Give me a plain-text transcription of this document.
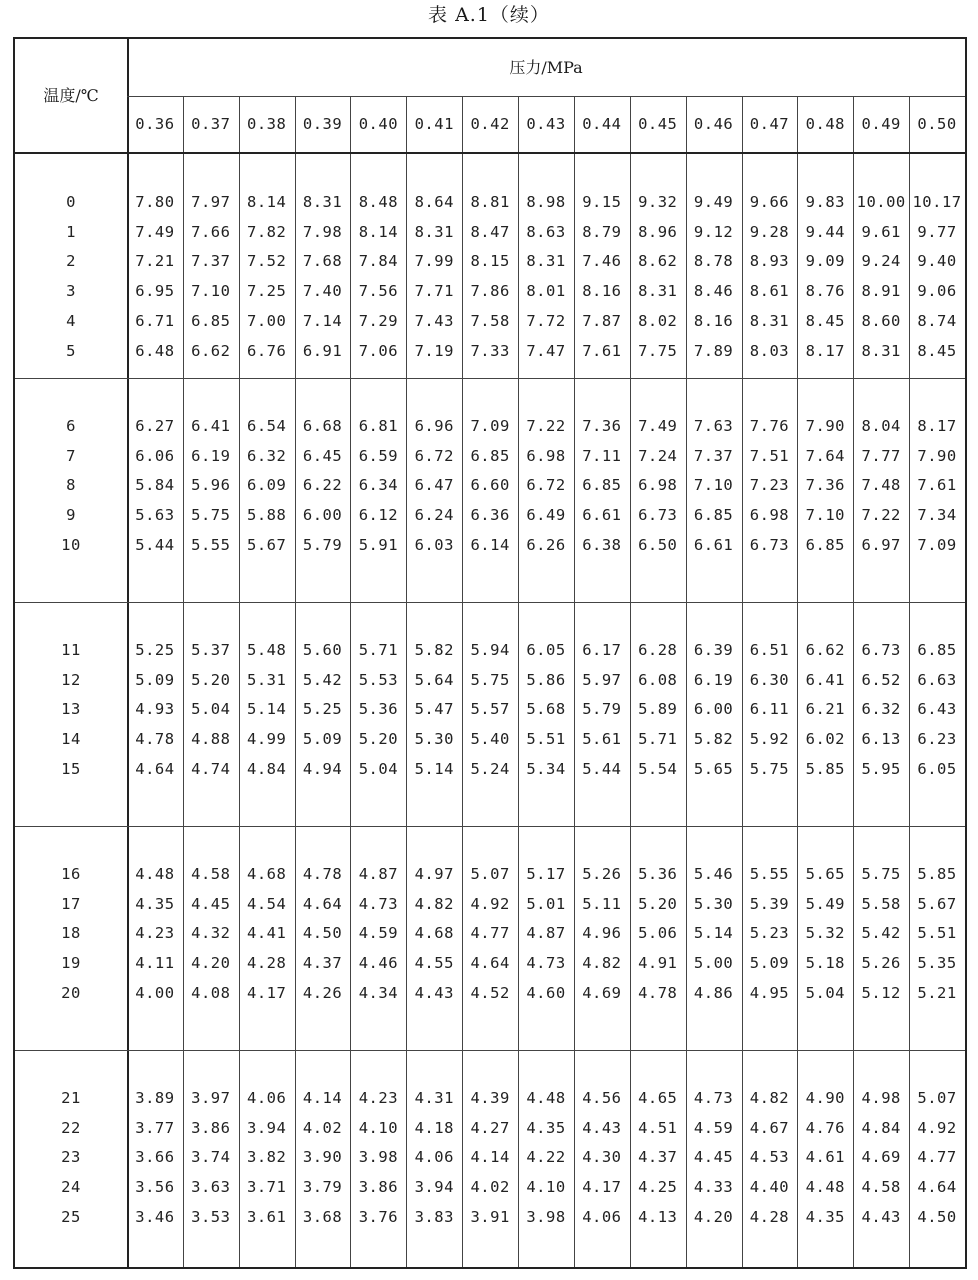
表 A.1（续）
温度/℃
压力/MPa
0.36	0.37	0.38	0.39	0.40	0.41	0.42	0.43	0.44	0.45	0.46	0.47	0.48	0.49	0.50
0	7.80	7.97	8.14	8.31	8.48	8.64	8.81	8.98	9.15	9.32	9.49	9.66	9.83 10.00 10.17
1	7.49	7.66	7.82	7.98	8.14	8.31	8.47	8.63	8.79	8.96	9.12	9.28	9.44	9.61	9.77
2	7.21	7.37	7.52	7.68	7.84	7.99	8.15	8.31	7.46	8.62	8.78	8.93	9.09	9.24	9.40
3	6.95	7.10	7.25	7.40	7.56	7.71	7.86	8.01	8.16	8.31	8.46	8.61	8.76	8.91	9.06
4	6.71	6.85	7.00	7.14	7.29	7.43	7.58	7.72	7.87	8.02	8.16	8.31	8.45	8.60	8.74
5	6.48	6.62	6.76	6.91	7.06	7.19	7.33	7.47	7.61	7.75	7.89	8.03	8.17	8.31	8.45
6	6.27	6.41	6.54	6.68	6.81	6.96	7.09	7.22	7.36	7.49	7.63	7.76	7.90	8.04	8.17
7	6.06	6.19	6.32	6.45	6.59	6.72	6.85	6.98	7.11	7.24	7.37	7.51	7.64	7.77	7.90
8	5.84	5.96	6.09	6.22	6.34	6.47	6.60	6.72	6.85	6.98	7.10	7.23	7.36	7.48	7.61
9	5.63	5.75	5.88	6.00	6.12	6.24	6.36	6.49	6.61	6.73	6.85	6.98	7.10	7.22	7.34
10	5.44	5.55	5.67	5.79	5.91	6.03	6.14	6.26	6.38	6.50	6.61	6.73	6.85	6.97	7.09
11	5.25	5.37	5.48	5.60	5.71	5.82	5.94	6.05	6.17	6.28	6.39	6.51	6.62	6.73	6.85
12	5.09	5.20	5.31	5.42	5.53	5.64	5.75	5.86	5.97	6.08	6.19	6.30	6.41	6.52	6.63
13	4.93	5.04	5.14	5.25	5.36	5.47	5.57	5.68	5.79	5.89	6.00	6.11	6.21	6.32	6.43
14	4.78	4.88	4.99	5.09	5.20	5.30	5.40	5.51	5.61	5.71	5.82	5.92	6.02	6.13	6.23
15	4.64	4.74	4.84	4.94	5.04	5.14	5.24	5.34	5.44	5.54	5.65	5.75	5.85	5.95	6.05
16	4.48	4.58	4.68	4.78	4.87	4.97	5.07	5.17	5.26	5.36	5.46	5.55	5.65	5.75	5.85
17	4.35	4.45	4.54	4.64	4.73	4.82	4.92	5.01	5.11	5.20	5.30	5.39	5.49	5.58	5.67
18	4.23	4.32	4.41	4.50	4.59	4.68	4.77	4.87	4.96	5.06	5.14	5.23	5.32	5.42	5.51
19	4.11	4.20	4.28	4.37	4.46	4.55	4.64	4.73	4.82	4.91	5.00	5.09	5.18	5.26	5.35
20	4.00	4.08	4.17	4.26	4.34	4.43	4.52	4.60	4.69	4.78	4.86	4.95	5.04	5.12	5.21
21	3.89	3.97	4.06	4.14	4.23	4.31	4.39	4.48	4.56	4.65	4.73	4.82	4.90	4.98	5.07
22	3.77	3.86	3.94	4.02	4.10	4.18	4.27	4.35	4.43	4.51	4.59	4.67	4.76	4.84	4.92
23	3.66	3.74	3.82	3.90	3.98	4.06	4.14	4.22	4.30	4.37	4.45	4.53	4.61	4.69	4.77
24	3.56	3.63	3.71	3.79	3.86	3.94	4.02	4.10	4.17	4.25	4.33	4.40	4.48	4.58	4.64
25	3.46	3.53	3.61	3.68	3.76	3.83	3.91	3.98	4.06	4.13	4.20	4.28	4.35	4.43	4.50
